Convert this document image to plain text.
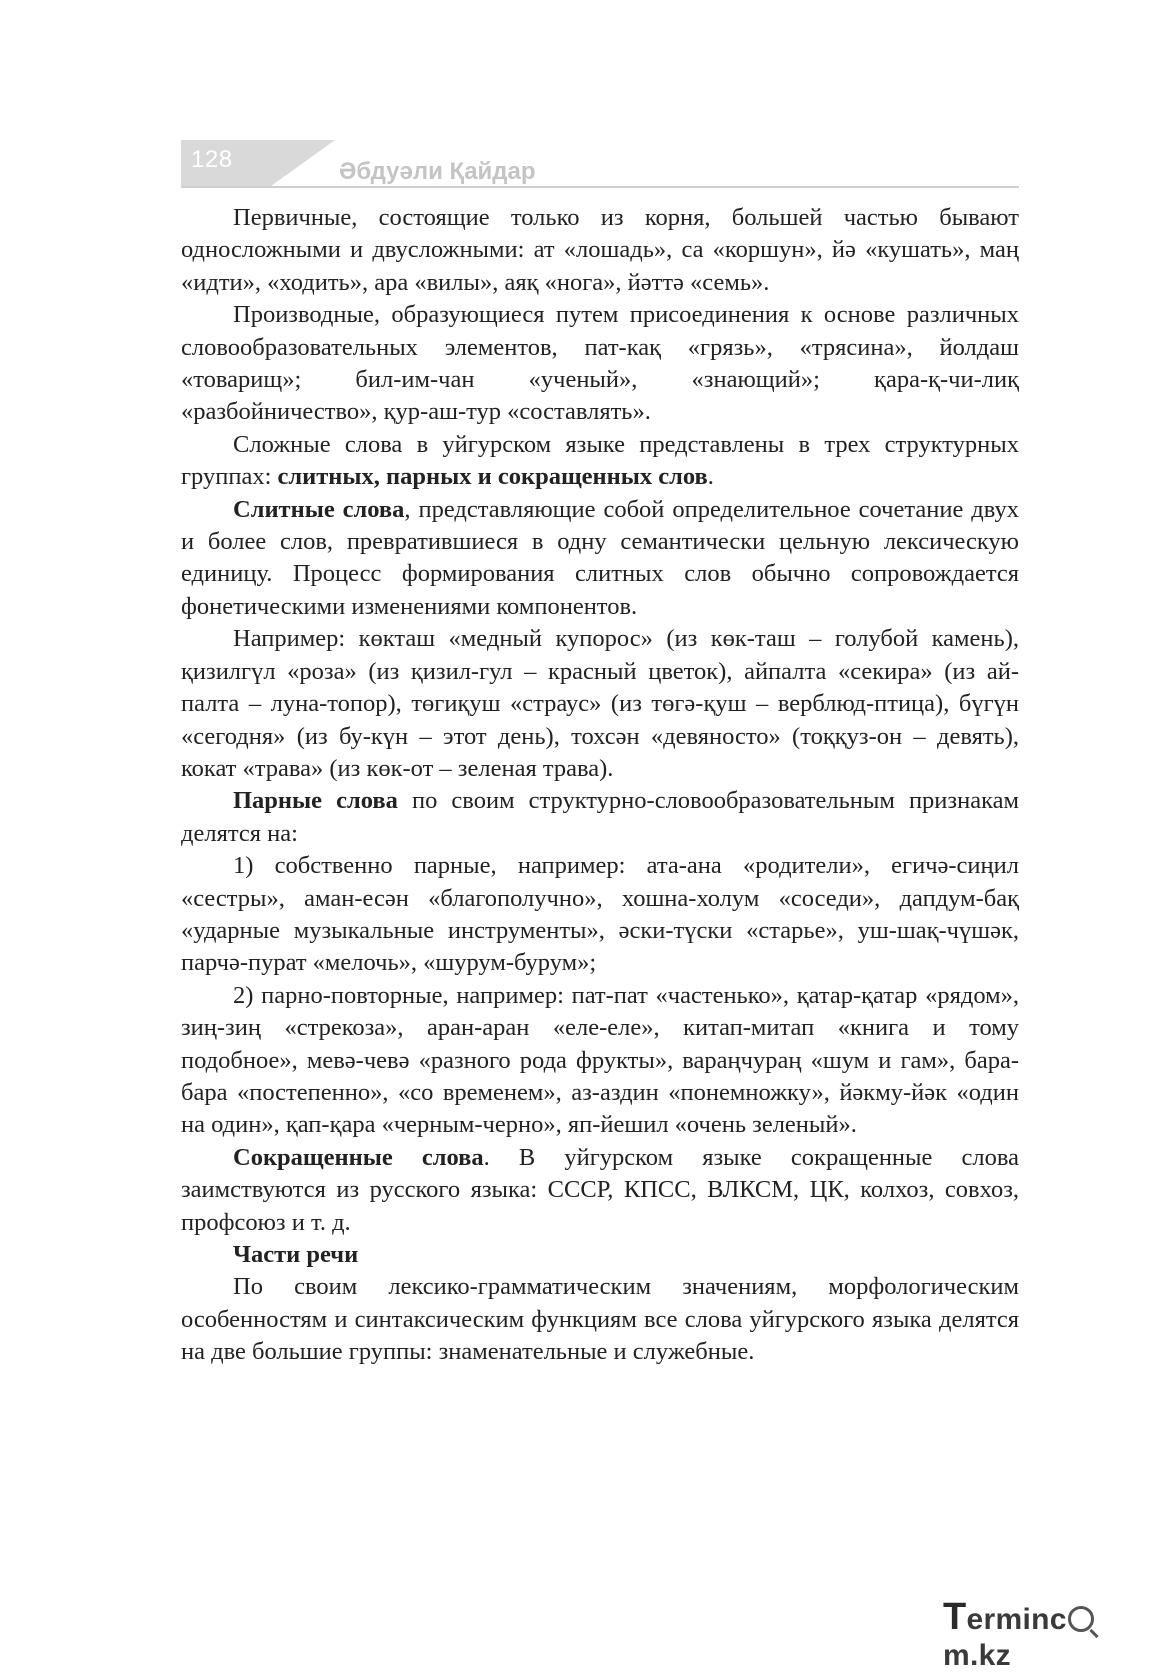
128	Әбдуәли Қайдар

Первичные, состоящие только из корня, большей частью бывают односложными и двусложными: ат «лошадь», са «коршун», йә «кушать», маң «идти», «ходить», ара «вилы», аяқ «нога», йәттә «семь».

Производные, образующиеся путем присоединения к основе различных словообразовательных элементов, пат-кақ «грязь», «трясина», йолдаш «товарищ»; бил-им-чан «ученый», «знающий»; қара-қ-чи-лиқ «разбойничество», қур-аш-тур «составлять».

Сложные слова в уйгурском языке представлены в трех структурных группах: слитных, парных и сокращенных слов.

Слитные слова, представляющие собой определительное сочетание двух и более слов, превратившиеся в одну семантически цельную лексическую единицу. Процесс формирования слитных слов обычно сопровождается фонетическими изменениями компонентов.

Например: көкташ «медный купорос» (из көк-таш – голубой камень), қизилгүл «роза» (из қизил-гул – красный цветок), айпалта «секира» (из ай-палта – луна-топор), төгиқуш «страус» (из төгә-қуш – верблюд-птица), бүгүн «сегодня» (из бу-күн – этот день), тохсән «девяносто» (тоққуз-он – девять), кокат «трава» (из көк-от – зеленая трава).

Парные слова по своим структурно-словообразовательным признакам делятся на:

1) собственно парные, например: ата-ана «родители», егичә-сиңил «сестры», аман-есән «благополучно», хошна-холум «соседи», дапдум-бақ «ударные музыкальные инструменты», әски-түски «старье», уш-шақ-чүшәк, парчә-пурат «мелочь», «шурум-бурум»;

2) парно-повторные, например: пат-пат «частенько», қатар-қатар «рядом», зиң-зиң «стрекоза», аран-аран «еле-еле», китап-митап «книга и тому подобное», мевә-чевә «разного рода фрукты», вараңчураң «шум и гам», бара-бара «постепенно», «со временем», аз-аздин «понемножку», йәкму-йәк «один на один», қап-қара «черным-черно», яп-йешил «очень зеленый».

Сокращенные слова. В уйгурском языке сокращенные слова заимствуются из русского языка: СССР, КПСС, ВЛКСМ, ЦК, колхоз, совхоз, профсоюз и т. д.

Части речи

По своим лексико-грамматическим значениям, морфологическим особенностям и синтаксическим функциям все слова уйгурского языка делятся на две большие группы: знаменательные и служебные.

Termincm.kz
